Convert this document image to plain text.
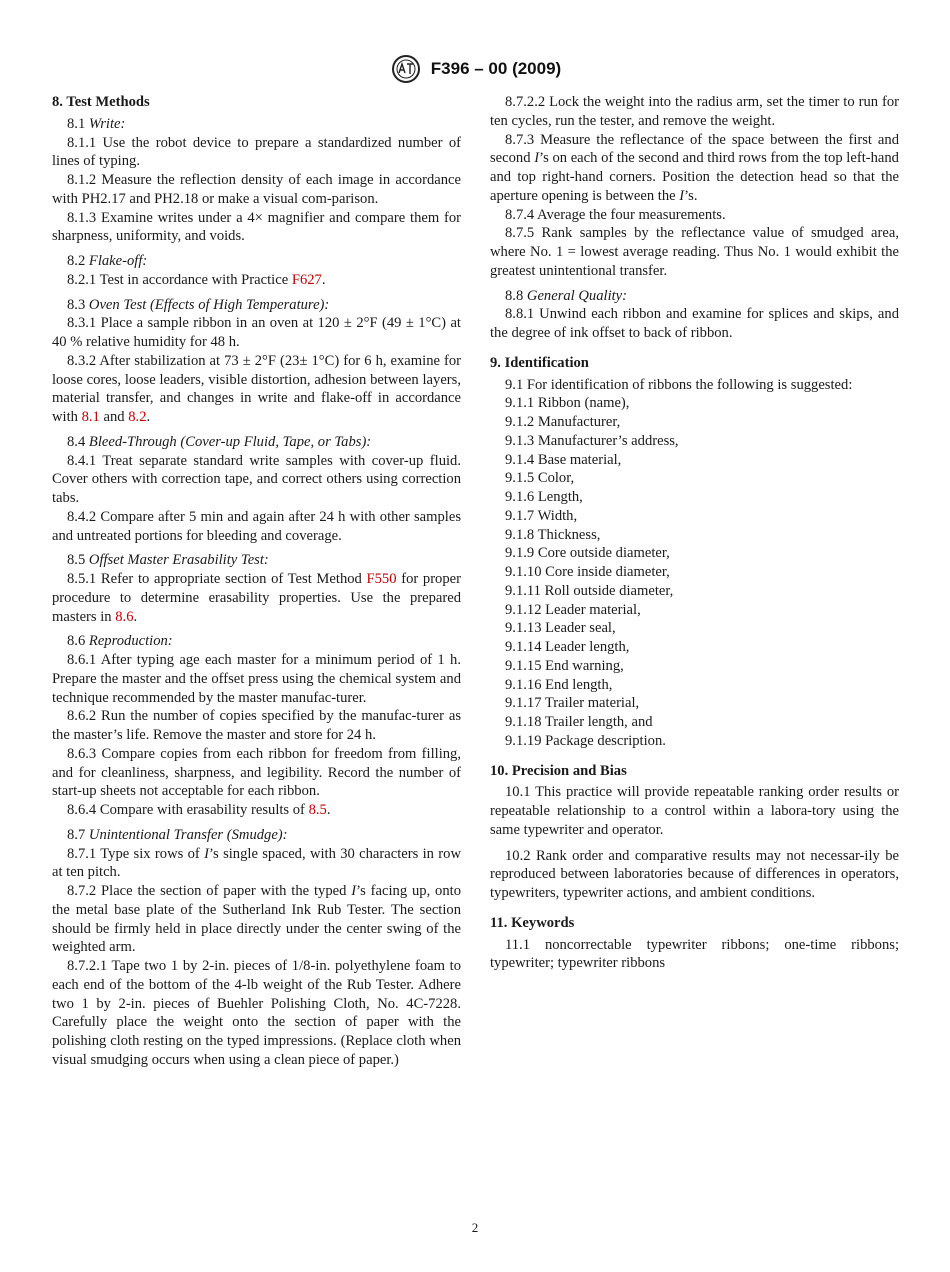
F396 – 00 (2009)

8. Test Methods

8.1 Write:

8.1.1 Use the robot device to prepare a standardized number of lines of typing.

8.1.2 Measure the reflection density of each image in accordance with PH2.17 and PH2.18 or make a visual com-parison.

8.1.3 Examine writes under a 4× magnifier and compare them for sharpness, uniformity, and voids.

8.2 Flake-off:

8.2.1 Test in accordance with Practice F627.

8.3 Oven Test (Effects of High Temperature):

8.3.1 Place a sample ribbon in an oven at 120 ± 2°F (49 ± 1°C) at 40 % relative humidity for 48 h.

8.3.2 After stabilization at 73 ± 2°F (23± 1°C) for 6 h, examine for loose cores, loose leaders, visible distortion, adhesion between layers, material transfer, and changes in write and flake-off in accordance with 8.1 and 8.2.

8.4 Bleed-Through (Cover-up Fluid, Tape, or Tabs):

8.4.1 Treat separate standard write samples with cover-up fluid. Cover others with correction tape, and correct others using correction tabs.

8.4.2 Compare after 5 min and again after 24 h with other samples and untreated portions for bleeding and coverage.

8.5 Offset Master Erasability Test:

8.5.1 Refer to appropriate section of Test Method F550 for proper procedure to determine erasability properties. Use the prepared masters in 8.6.

8.6 Reproduction:

8.6.1 After typing age each master for a minimum period of 1 h. Prepare the master and the offset press using the chemical system and technique recommended by the master manufac-turer.

8.6.2 Run the number of copies specified by the manufac-turer as the master’s life. Remove the master and store for 24 h.

8.6.3 Compare copies from each ribbon for freedom from filling, and for cleanliness, sharpness, and legibility. Record the number of start-up sheets not acceptable for each ribbon.

8.6.4 Compare with erasability results of 8.5.

8.7 Unintentional Transfer (Smudge):

8.7.1 Type six rows of I’s single spaced, with 30 characters in row at ten pitch.

8.7.2 Place the section of paper with the typed I’s facing up, onto the metal base plate of the Sutherland Ink Rub Tester. The section should be firmly held in place directly under the center swing of the weighted arm.

8.7.2.1 Tape two 1 by 2-in. pieces of 1/8-in. polyethylene foam to each end of the bottom of the 4-lb weight of the Rub Tester. Adhere two 1 by 2-in. pieces of Buehler Polishing Cloth, No. 4C-7228. Carefully place the weight onto the section of paper with the polishing cloth resting on the typed impressions. (Replace cloth when visual smudging occurs when using a clean piece of paper.)

8.7.2.2 Lock the weight into the radius arm, set the timer to run for ten cycles, run the tester, and remove the weight.

8.7.3 Measure the reflectance of the space between the first and second I’s on each of the second and third rows from the top left-hand and top right-hand corners. Position the detection head so that the aperture opening is between the I’s.

8.7.4 Average the four measurements.

8.7.5 Rank samples by the reflectance value of smudged area, where No. 1 = lowest average reading. Thus No. 1 would exhibit the greatest unintentional transfer.

8.8 General Quality:

8.8.1 Unwind each ribbon and examine for splices and skips, and the degree of ink offset to back of ribbon.

9. Identification

9.1 For identification of ribbons the following is suggested:

9.1.1 Ribbon (name),

9.1.2 Manufacturer,

9.1.3 Manufacturer’s address,

9.1.4 Base material,

9.1.5 Color,

9.1.6 Length,

9.1.7 Width,

9.1.8 Thickness,

9.1.9 Core outside diameter,

9.1.10 Core inside diameter,

9.1.11 Roll outside diameter,

9.1.12 Leader material,

9.1.13 Leader seal,

9.1.14 Leader length,

9.1.15 End warning,

9.1.16 End length,

9.1.17 Trailer material,

9.1.18 Trailer length, and

9.1.19 Package description.

10. Precision and Bias

10.1 This practice will provide repeatable ranking order results or repeatable relationship to a control within a labora-tory using the same typewriter and operator.

10.2 Rank order and comparative results may not necessar-ily be reproduced between laboratories because of differences in operators, typewriters, typewriter actions, and ambient conditions.

11. Keywords

11.1 noncorrectable typewriter ribbons; one-time ribbons; typewriter; typewriter ribbons

2
